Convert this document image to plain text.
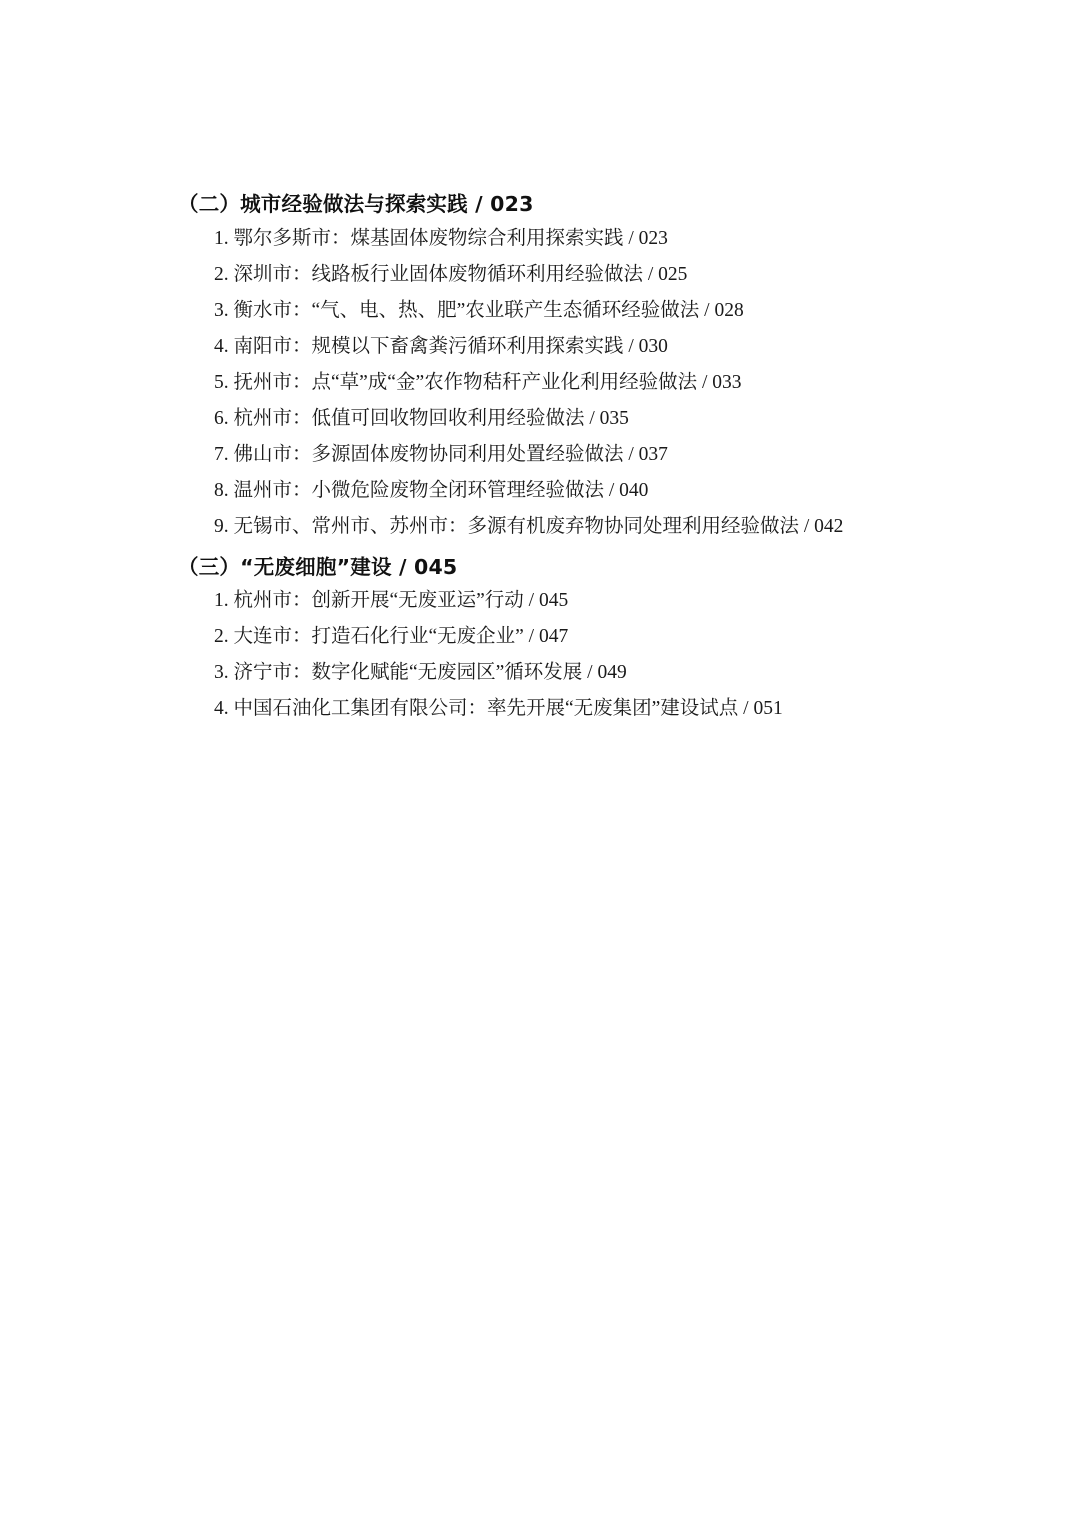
（二）城市经验做法与探索实践 / 023
1. 鄂尔多斯市：煤基固体废物综合利用探索实践 / 023
2. 深圳市：线路板行业固体废物循环利用经验做法 / 025
3. 衡水市：“气、电、热、肥”农业联产生态循环经验做法 / 028
4. 南阳市：规模以下畜禽粪污循环利用探索实践 / 030
5. 抚州市：点“草”成“金”农作物秸秆产业化利用经验做法 / 033
6. 杭州市：低值可回收物回收利用经验做法 / 035
7. 佛山市：多源固体废物协同利用处置经验做法 / 037
8. 温州市：小微危险废物全闭环管理经验做法 / 040
9. 无锡市、常州市、苏州市：多源有机废弃物协同处理利用经验做法 / 042
（三）“无废细胞”建设 / 045
1. 杭州市：创新开展“无废亚运”行动 / 045
2. 大连市：打造石化行业“无废企业” / 047
3. 济宁市：数字化赋能“无废园区”循环发展 / 049
4. 中国石油化工集团有限公司：率先开展“无废集团”建设试点 / 051
